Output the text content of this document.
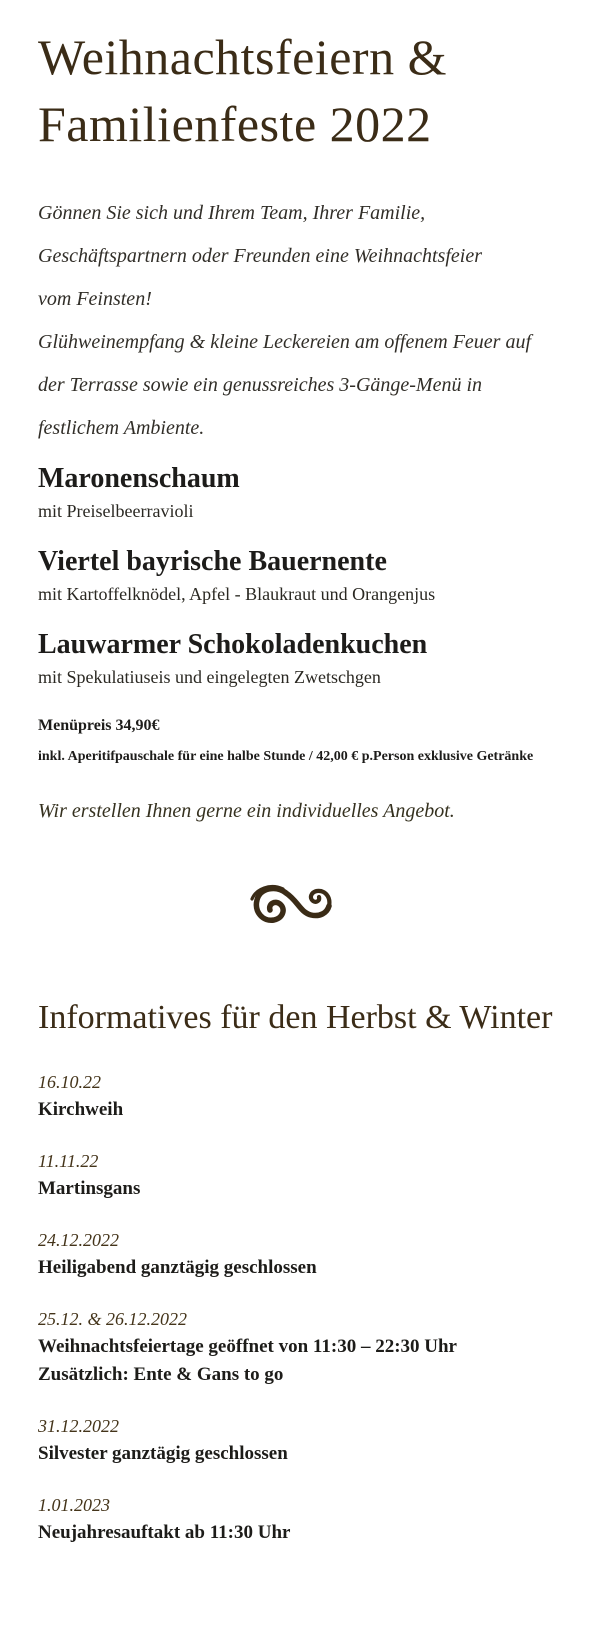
Weihnachtsfeiern &
Familienfeste 2022
Gönnen Sie sich und Ihrem Team, Ihrer Familie,
Geschäftspartnern oder Freunden eine Weihnachtsfeier
vom Feinsten!
Glühweinempfang & kleine Leckereien am offenem Feuer auf
der Terrasse sowie ein genussreiches 3-Gänge-Menü in
festlichem Ambiente.
Maronenschaum
mit Preiselbeerravioli
Viertel bayrische Bauernente
mit Kartoffelknödel, Apfel - Blaukraut und Orangenjus
Lauwarmer Schokoladenkuchen
mit Spekulatiuseis und eingelegten Zwetschgen
Menüpreis 34,90€
inkl. Aperitifpauschale für eine halbe Stunde / 42,00 € p.Person exklusive Getränke
Wir erstellen Ihnen gerne ein individuelles Angebot.
Informatives für den Herbst & Winter
16.10.22
Kirchweih
11.11.22
Martinsgans
24.12.2022
Heiligabend ganztägig geschlossen
25.12. & 26.12.2022
Weihnachtsfeiertage geöffnet von 11:30 – 22:30 Uhr
Zusätzlich: Ente & Gans to go
31.12.2022
Silvester ganztägig geschlossen
1.01.2023
Neujahresauftakt ab 11:30 Uhr
